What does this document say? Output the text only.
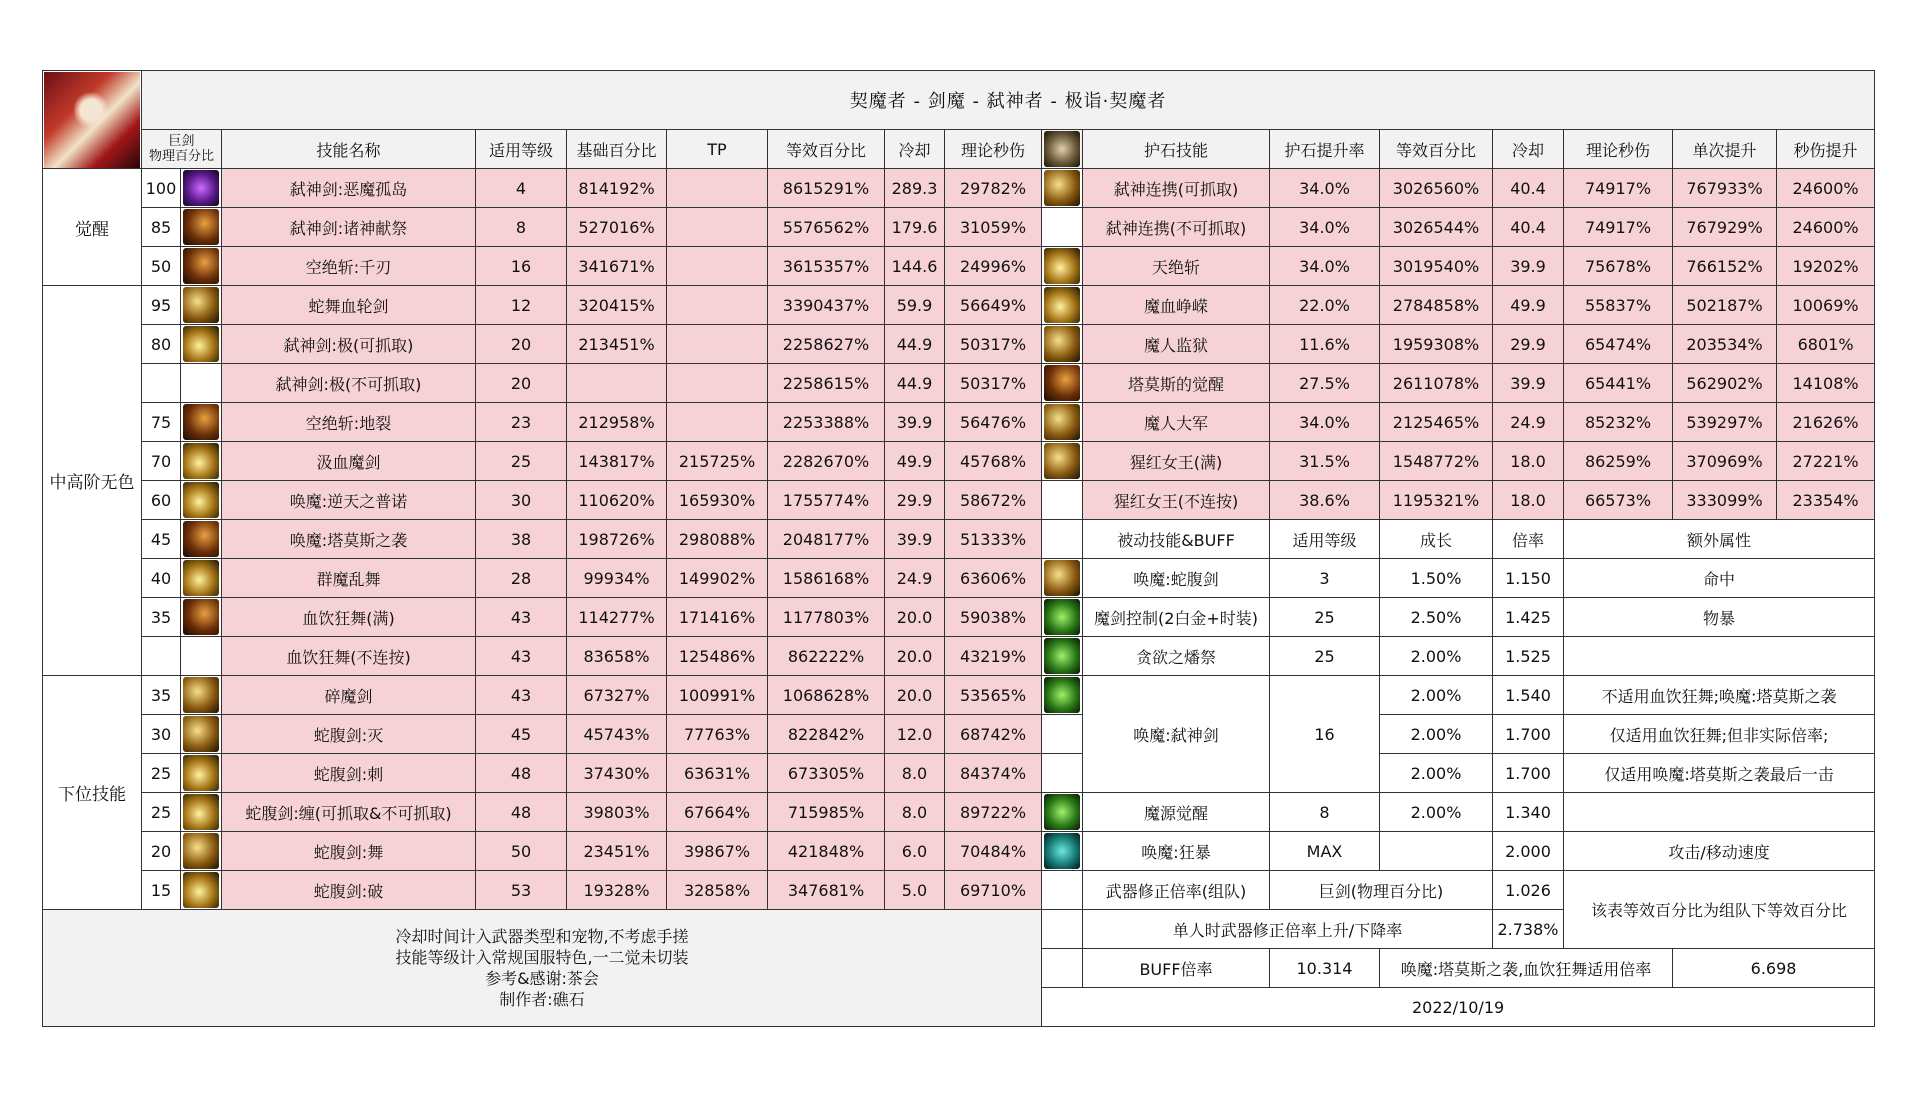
	契魔者 - 剑魔 - 弑神者 - 极诣·契魔者																
	巨剑
物理百分比		技能名称	适用等级	基础百分比	TP	等效百分比	冷却	理论秒伤		护石技能	护石提升率	等效百分比	冷却	理论秒伤	单次提升	秒伤提升
觉醒	100		弑神剑:恶魔孤岛	4	814192%		8615291%	289.3	29782%		弑神连携(可抓取)	34.0%	3026560%	40.4	74917%	767933%	24600%
	85		弑神剑:诸神献祭	8	527016%		5576562%	179.6	31059%		弑神连携(不可抓取)	34.0%	3026544%	40.4	74917%	767929%	24600%
	50		空绝斩:千刃	16	341671%		3615357%	144.6	24996%		天绝斩	34.0%	3019540%	39.9	75678%	766152%	19202%
中高阶无色	95		蛇舞血轮剑	12	320415%		3390437%	59.9	56649%		魔血峥嵘	22.0%	2784858%	49.9	55837%	502187%	10069%
	80		弑神剑:极(可抓取)	20	213451%		2258627%	44.9	50317%		魔人监狱	11.6%	1959308%	29.9	65474%	203534%	6801%
			弑神剑:极(不可抓取)	20			2258615%	44.9	50317%		塔莫斯的觉醒	27.5%	2611078%	39.9	65441%	562902%	14108%
	75		空绝斩:地裂	23	212958%		2253388%	39.9	56476%		魔人大军	34.0%	2125465%	24.9	85232%	539297%	21626%
	70		汲血魔剑	25	143817%	215725%	2282670%	49.9	45768%		猩红女王(满)	31.5%	1548772%	18.0	86259%	370969%	27221%
	60		唤魔:逆天之普诺	30	110620%	165930%	1755774%	29.9	58672%		猩红女王(不连按)	38.6%	1195321%	18.0	66573%	333099%	23354%
	45		唤魔:塔莫斯之袭	38	198726%	298088%	2048177%	39.9	51333%		被动技能&BUFF	适用等级	成长	倍率	额外属性		
	40		群魔乱舞	28	99934%	149902%	1586168%	24.9	63606%		唤魔:蛇腹剑	3	1.50%	1.150	命中		
	35		血饮狂舞(满)	43	114277%	171416%	1177803%	20.0	59038%		魔剑控制(2白金+时装)	25	2.50%	1.425	物暴		
			血饮狂舞(不连按)	43	83658%	125486%	862222%	20.0	43219%		贪欲之燔祭	25	2.00%	1.525			
下位技能	35		碎魔剑	43	67327%	100991%	1068628%	20.0	53565%		唤魔:弑神剑	16	2.00%	1.540	不适用血饮狂舞;唤魔:塔莫斯之袭		
	30		蛇腹剑:灭	45	45743%	77763%	822842%	12.0	68742%				2.00%	1.700	仅适用血饮狂舞;但非实际倍率;		
	25		蛇腹剑:刺	48	37430%	63631%	673305%	8.0	84374%				2.00%	1.700	仅适用唤魔:塔莫斯之袭最后一击		
	25		蛇腹剑:缠(可抓取&不可抓取)	48	39803%	67664%	715985%	8.0	89722%		魔源觉醒	8	2.00%	1.340			
	20		蛇腹剑:舞	50	23451%	39867%	421848%	6.0	70484%		唤魔:狂暴	MAX		2.000	攻击/移动速度		
	15		蛇腹剑:破	53	19328%	32858%	347681%	5.0	69710%		武器修正倍率(组队)	巨剑(物理百分比)		1.026	该表等效百分比为组队下等效百分比		

冷却时间计入武器类型和宠物,不考虑手搓
技能等级计入常规国服特色,一二觉未切装
参考&感谢:茶会
制作者:礁石											单人时武器修正倍率上升/下降率			2.738%			
											BUFF倍率	10.314	唤魔:塔莫斯之袭,血饮狂舞适用倍率			6.698	
										2022/10/19							
